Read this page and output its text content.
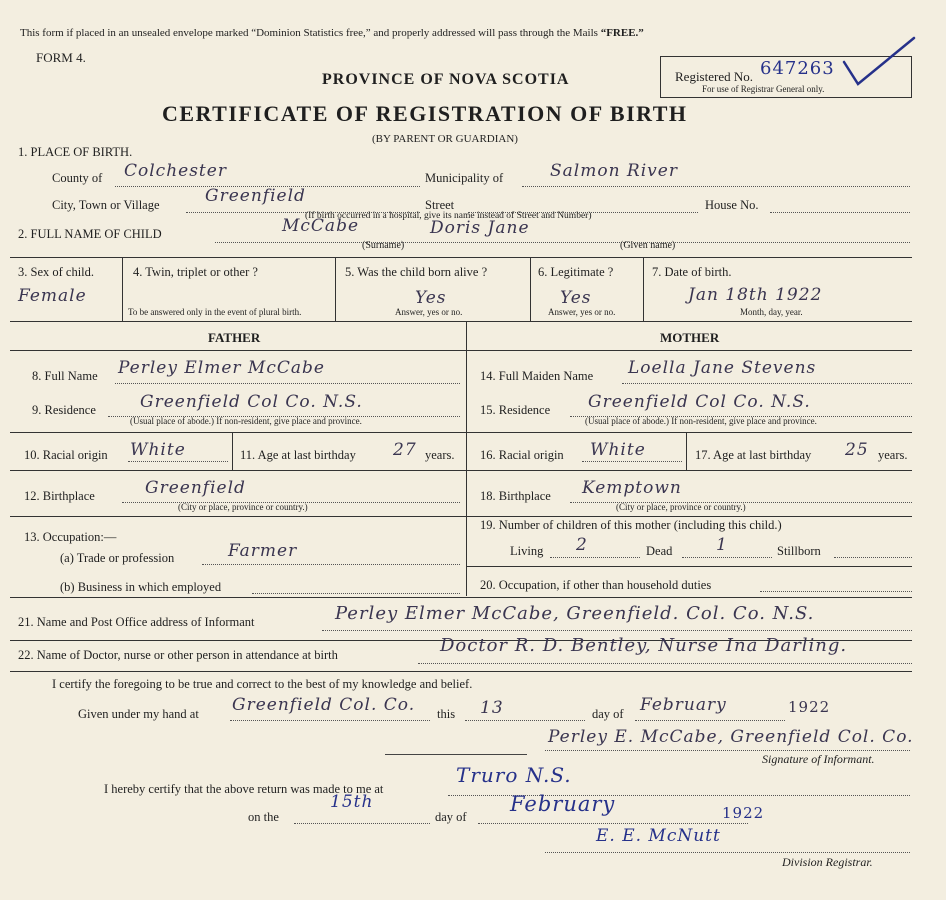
This form if placed in an unsealed envelope marked “Dominion Statistics free,” and properly addressed will pass through the Mails “FREE.”
FORM 4.
PROVINCE OF NOVA SCOTIA
CERTIFICATE OF REGISTRATION OF BIRTH
(BY PARENT OR GUARDIAN)
Registered No. 647263
For use of Registrar General only.
1. PLACE OF BIRTH.
County of Colchester	Municipality of	Salmon River
City, Town or Village	Greenfield	Street	House No.
(If birth occurred in a hospital, give its name instead of Street and Number)
2. FULL NAME OF CHILD	McCabe	Doris Jane
(Surname)	(Given name)
3. Sex of child.
Female
4. Twin, triplet or other ?
To be answered only in the event of plural birth.
5. Was the child born alive ?
Yes
Answer, yes or no.
6. Legitimate ?
Yes
Answer, yes or no.
7. Date of birth.
Jan 18th 1922
Month, day, year.
FATHER	MOTHER
8. Full Name Perley Elmer McCabe
9. Residence	Greenfield Col Co. N.S.
(Usual place of abode.) If non-resident, give place and province.
10. Racial origin White	11. Age at last birthday 27 years.
12. Birthplace	Greenfield
(City or place, province or country.)
13. Occupation:—
(a) Trade or profession	Farmer
(b) Business in which employed
14. Full Maiden Name Loella Jane Stevens
15. Residence Greenfield Col Co. N.S.
(Usual place of abode.) If non-resident, give place and province.
16. Racial origin White	17. Age at last birthday 25 years.
18. Birthplace Kemptown
(City or place, province or country.)
19. Number of children of this mother (including this child.)
Living 2	Dead	1	Stillborn
20. Occupation, if other than household duties
21. Name and Post Office address of Informant	Perley Elmer McCabe, Greenfield. Col. Co. N.S.
22. Name of Doctor, nurse or other person in attendance at birth	Doctor R. D. Bentley, Nurse Ina Darling.
I certify the foregoing to be true and correct to the best of my knowledge and belief.
Given under my hand at Greenfield Col. Co. this 13	day of February	1922
Perley E. McCabe, Greenfield Col. Co.
Signature of Informant.
I hereby certify that the above return was made to me at
Truro N.S.
on the
15th
day of
February	1922
E. E. McNutt
Division Registrar.
